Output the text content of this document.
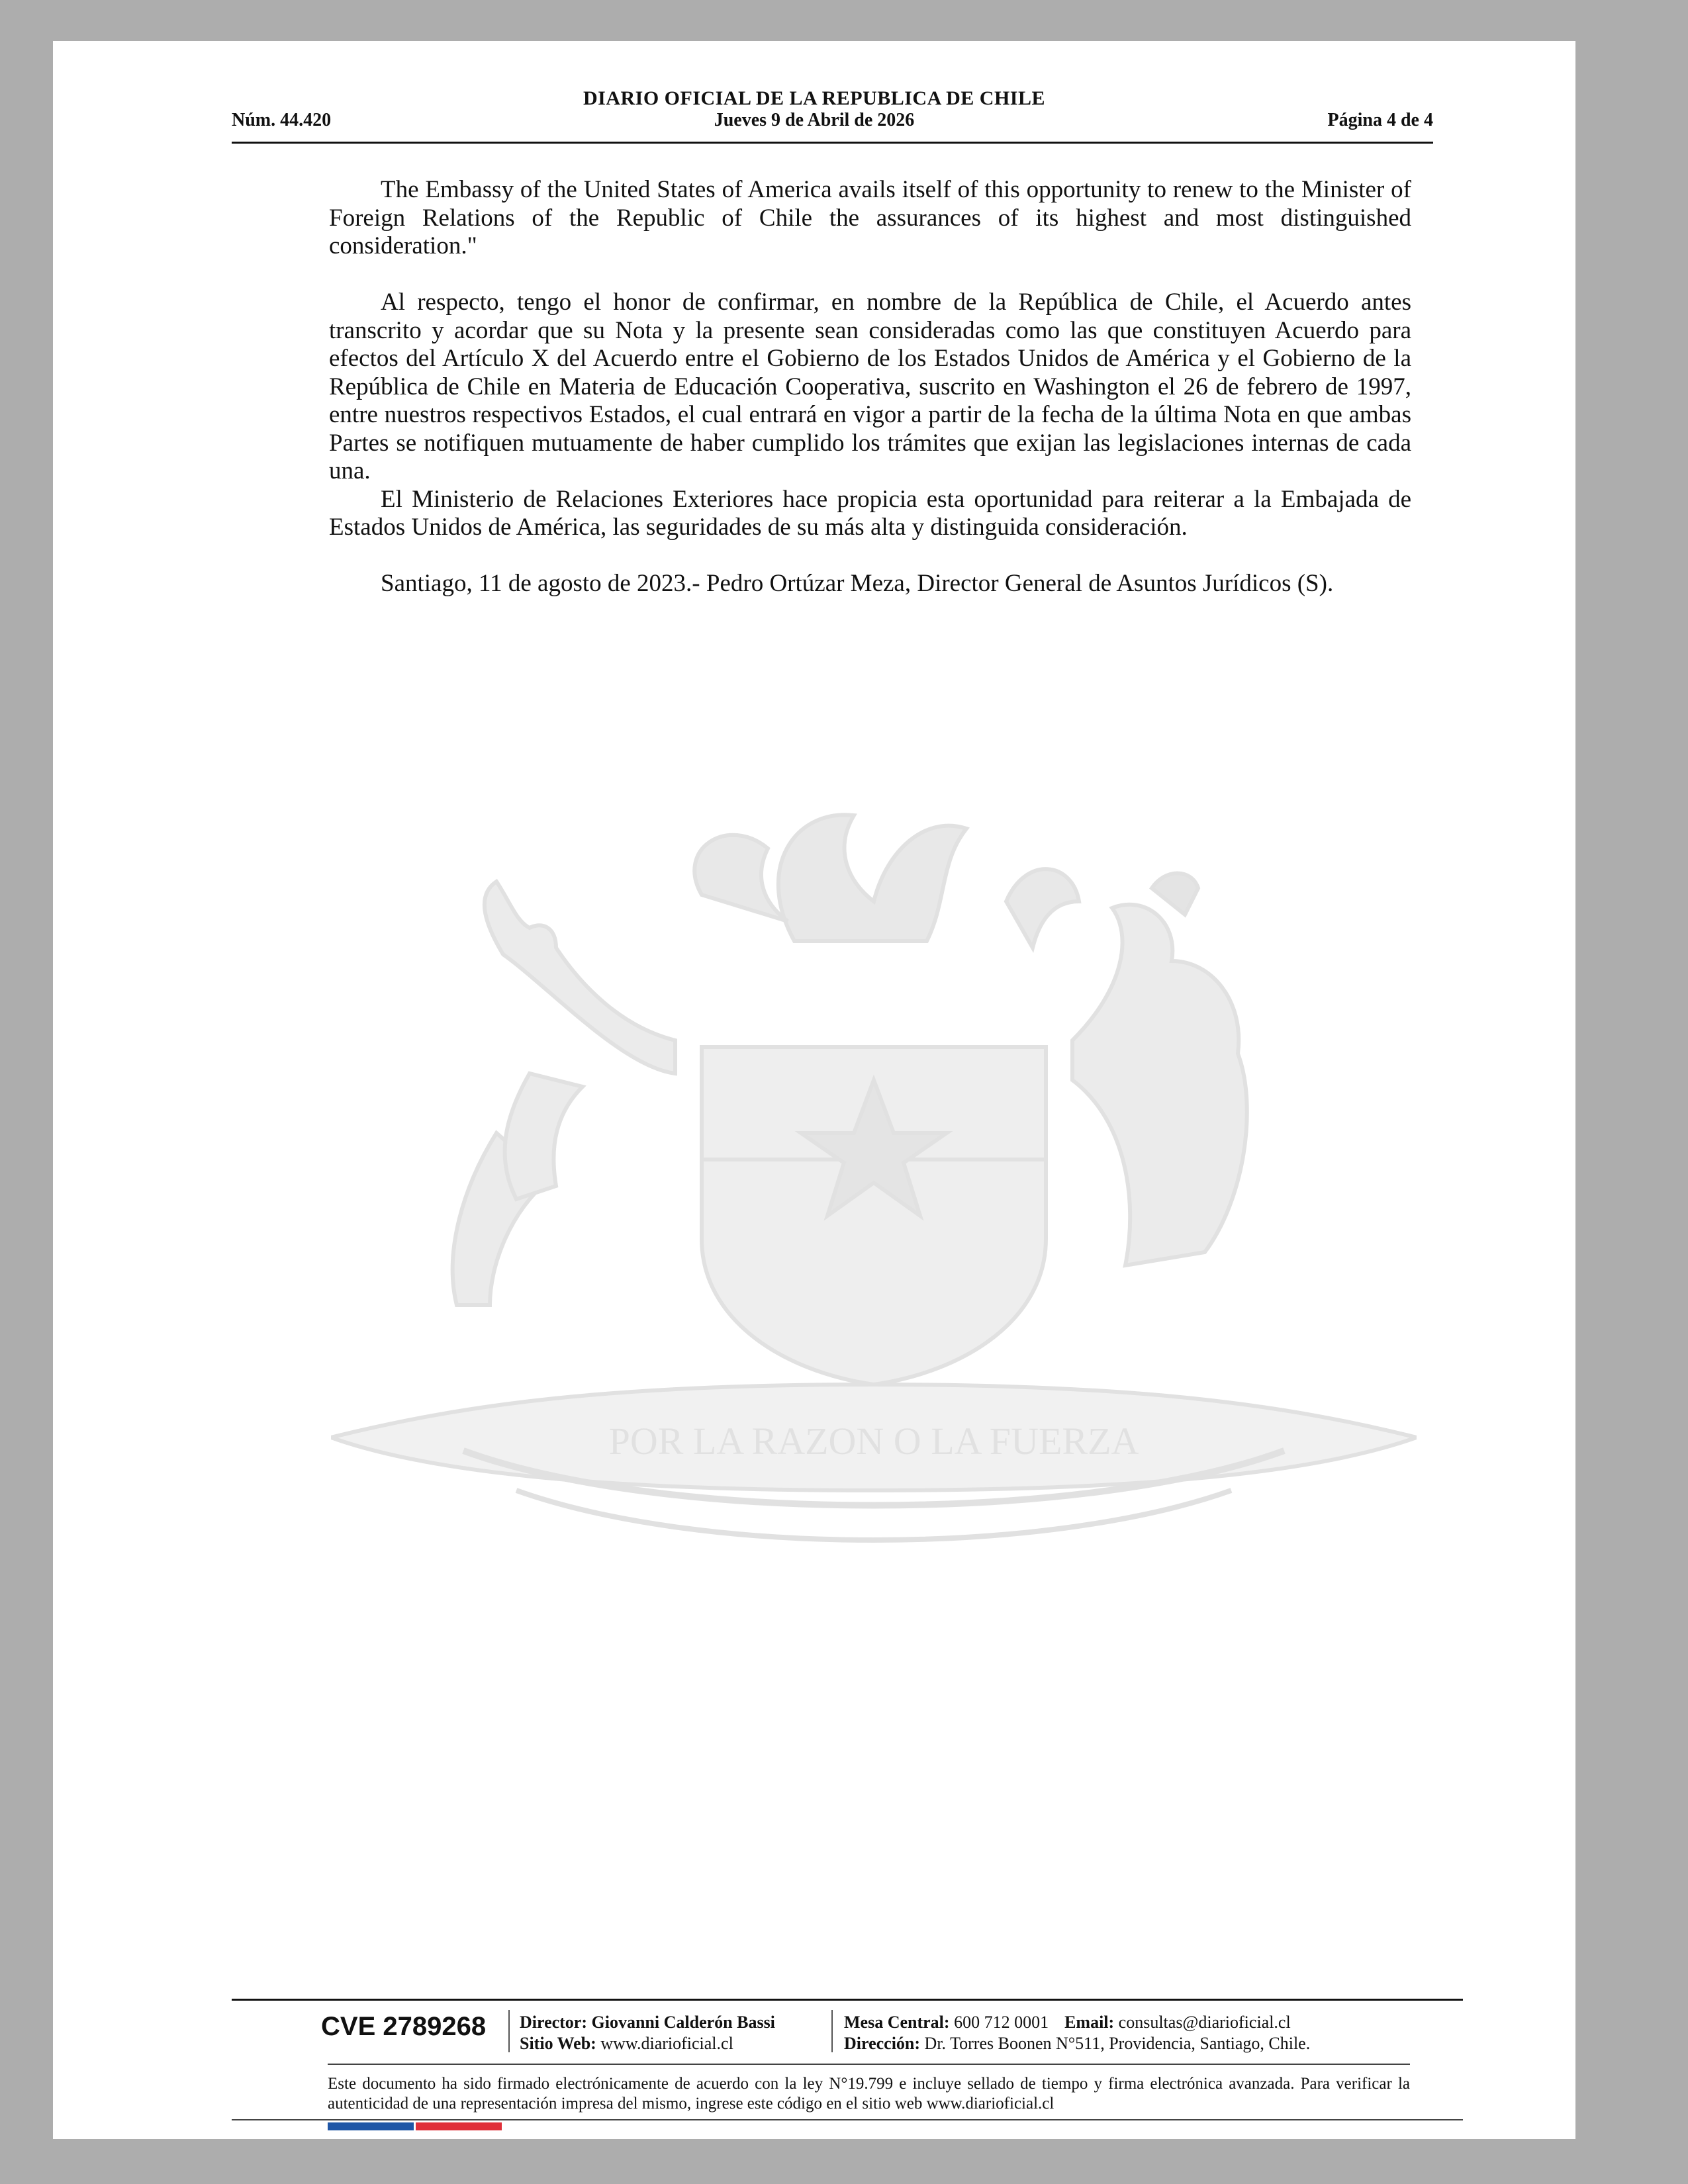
DIARIO OFICIAL DE LA REPUBLICA DE CHILE
Núm. 44.420	Jueves 9 de Abril de 2026	Página 4 de 4
POR LA RAZON O LA FUERZA

The Embassy of the United States of America avails itself of this opportunity to renew to the Minister of Foreign Relations of the Republic of Chile the assurances of its highest and most distinguished consideration."

Al respecto, tengo el honor de confirmar, en nombre de la República de Chile, el Acuerdo antes transcrito y acordar que su Nota y la presente sean consideradas como las que constituyen Acuerdo para efectos del Artículo X del Acuerdo entre el Gobierno de los Estados Unidos de América y el Gobierno de la República de Chile en Materia de Educación Cooperativa, suscrito en Washington el 26 de febrero de 1997, entre nuestros respectivos Estados, el cual entrará en vigor a partir de la fecha de la última Nota en que ambas Partes se notifiquen mutuamente de haber cumplido los trámites que exijan las legislaciones internas de cada una.

El Ministerio de Relaciones Exteriores hace propicia esta oportunidad para reiterar a la Embajada de Estados Unidos de América, las seguridades de su más alta y distinguida consideración.

Santiago, 11 de agosto de 2023.- Pedro Ortúzar Meza, Director General de Asuntos Jurídicos (S).

CVE 2789268 Director: Giovanni Calderón Bassi
Sitio Web: www.diarioficial.cl
Mesa Central: 600 712 0001 Email: consultas@diarioficial.cl
Dirección: Dr. Torres Boonen N°511, Providencia, Santiago, Chile.
Este documento ha sido firmado electrónicamente de acuerdo con la ley N°19.799 e incluye sellado de tiempo y firma electrónica avanzada. Para verificar la autenticidad de una representación impresa del mismo, ingrese este código en el sitio web www.diarioficial.cl
